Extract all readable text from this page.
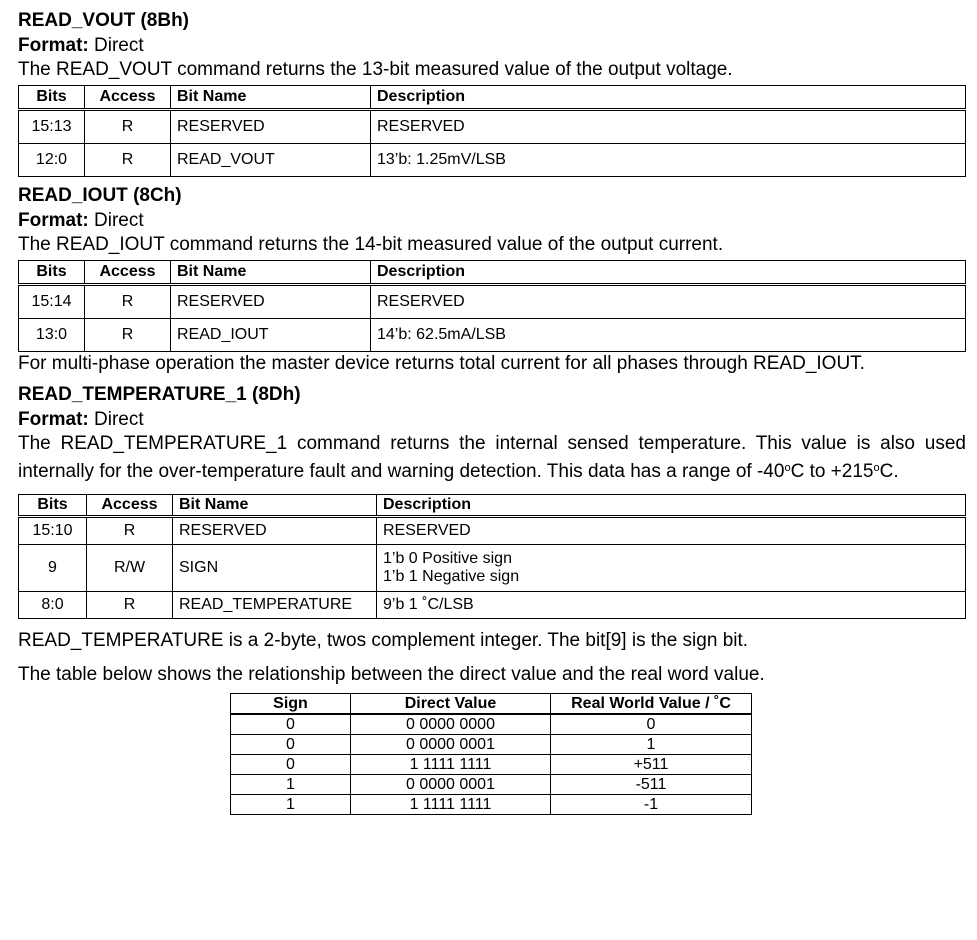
READ_VOUT (8Bh)
Format: Direct

The READ_VOUT command returns the 13-bit measured value of the output voltage.

Bits	Access	Bit Name	Description
15:13	R	RESERVED	RESERVED
12:0	R	READ_VOUT	13’b: 1.25mV/LSB
READ_IOUT (8Ch)
Format: Direct

The READ_IOUT command returns the 14-bit measured value of the output current.

Bits	Access	Bit Name	Description
15:14	R	RESERVED	RESERVED
13:0	R	READ_IOUT	14’b: 62.5mA/LSB

For multi-phase operation the master device returns total current for all phases through READ_IOUT.

READ_TEMPERATURE_1 (8Dh)
Format: Direct

The READ_TEMPERATURE_1 command returns the internal sensed temperature. This value is also used internally for the over-temperature fault and warning detection. This data has a range of -40$^o$C to $+215^oC$.

Bits	Access	Bit Name	Description
15:10	R	RESERVED	RESERVED
9	R/W	SIGN	1’b 0 Positive sign
1’b 1 Negative sign

8:0	R	READ_TEMPERATURE	9’b 1 ˚C/LSB

READ_TEMPERATURE is a 2-byte, twos complement integer. The bit[9] is the sign bit.

The table below shows the relationship between the direct value and the real word value.

Sign	Direct Value	Real World Value / ˚C
0	0 0000 0000	0
0	0 0000 0001	1
0	1 1111 1111	+511
1	0 0000 0001	-511
1	1 1111 1111	-1
